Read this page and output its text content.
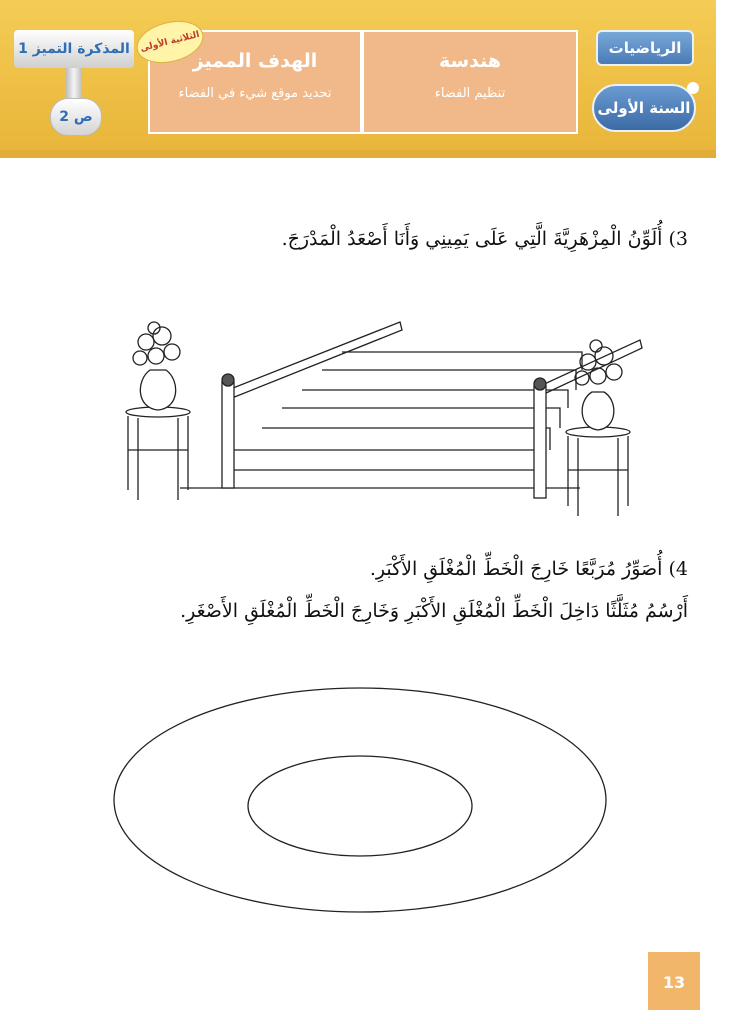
هندسة
تنظيم الفضاء
الهدف المميز
تحديد موقع شيء في الفضاء
الرياضيات
السنة الأولى
المذكرة التميز 1
ص 2
الثلاثية الأولى
3) أُلَوِّنُ الْمِزْهَرِيَّةَ الَّتِي عَلَى يَمِينِي وَأَنَا أَصْعَدُ الْمَدْرَجَ.
4) أُصَوِّرُ مُرَبَّعًا خَارِجَ الْخَطِّ الْمُغْلَقِ الأَكْبَرِ.
أَرْسُمُ مُثَلَّثًا دَاخِلَ الْخَطِّ الْمُغْلَقِ الأَكْبَرِ وَخَارِجَ الْخَطِّ الْمُغْلَقِ الأَصْغَرِ.
13
